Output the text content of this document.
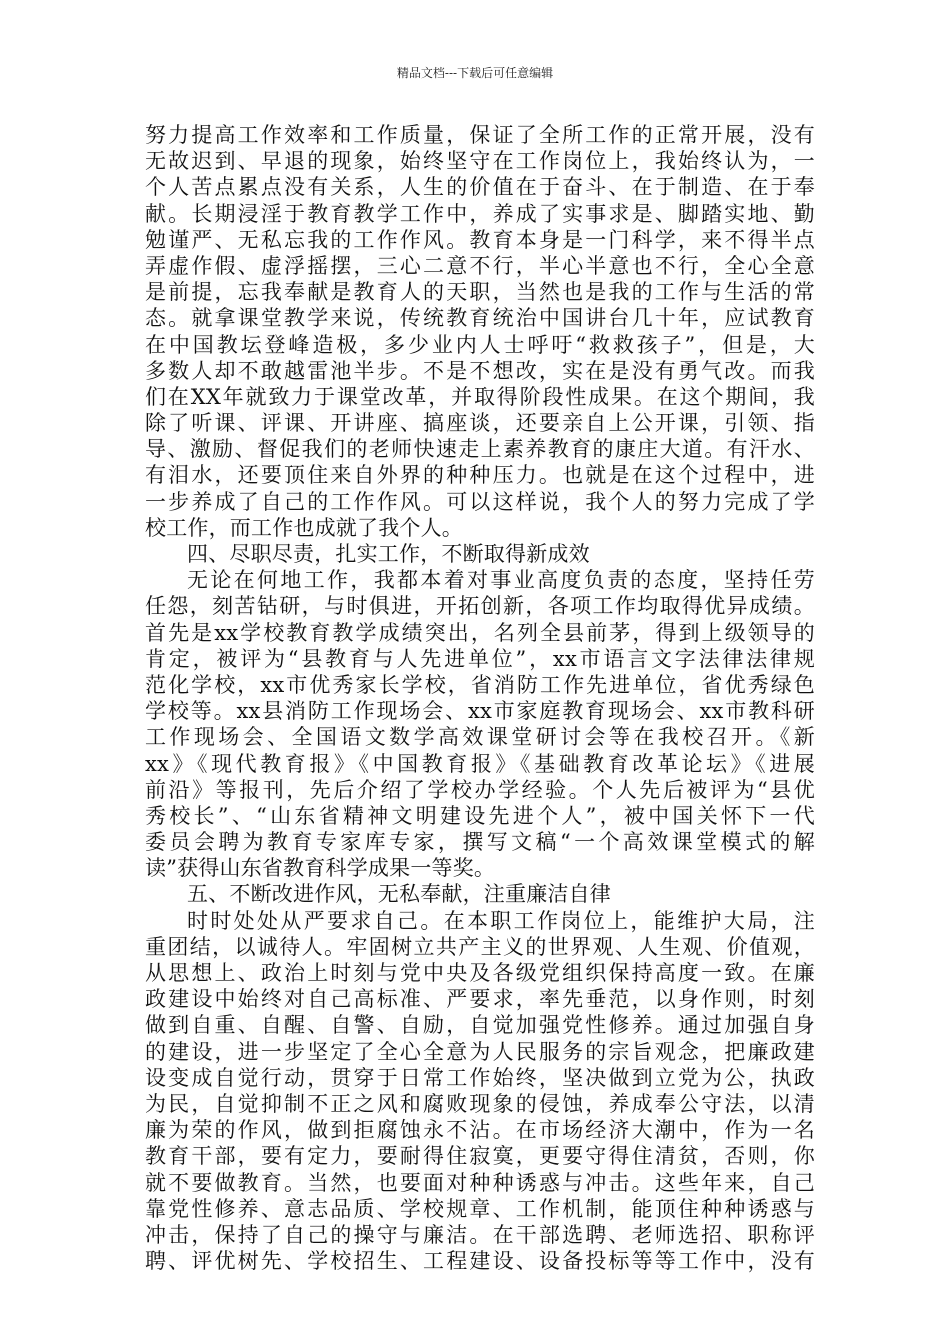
精品文档---下载后可任意编辑
努力提高工作效率和工作质量，保证了全所工作的正常开展，没有
无故迟到、早退的现象，始终坚守在工作岗位上，我始终认为，一
个人苦点累点没有关系，人生的价值在于奋斗、在于制造、在于奉
献。长期浸淫于教育教学工作中，养成了实事求是、脚踏实地、勤
勉谨严、无私忘我的工作作风。教育本身是一门科学，来不得半点
弄虚作假、虚浮摇摆，三心二意不行，半心半意也不行，全心全意
是前提，忘我奉献是教育人的天职，当然也是我的工作与生活的常
态。就拿课堂教学来说，传统教育统治中国讲台几十年，应试教育
在中国教坛登峰造极，多少业内人士呼吁“救救孩子”，但是，大
多数人却不敢越雷池半步。不是不想改，实在是没有勇气改。而我
们在XX年就致力于课堂改革，并取得阶段性成果。在这个期间，我
除了听课、评课、开讲座、搞座谈，还要亲自上公开课，引领、指
导、激励、督促我们的老师快速走上素养教育的康庄大道。有汗水、
有泪水，还要顶住来自外界的种种压力。也就是在这个过程中，进
一步养成了自己的工作作风。可以这样说，我个人的努力完成了学
校工作，而工作也成就了我个人。
四、尽职尽责，扎实工作，不断取得新成效
无论在何地工作，我都本着对事业高度负责的态度，坚持任劳
任怨，刻苦钻研，与时俱进，开拓创新，各项工作均取得优异成绩。
首先是xx学校教育教学成绩突出，名列全县前茅，得到上级领导的
肯定，被评为“县教育与人先进单位”，xx市语言文字法律法律规
范化学校，xx市优秀家长学校，省消防工作先进单位，省优秀绿色
学校等。xx县消防工作现场会、xx市家庭教育现场会、xx市教科研
工作现场会、全国语文数学高效课堂研讨会等在我校召开。《新
xx》《现代教育报》《中国教育报》《基础教育改革论坛》《进展
前沿》等报刊，先后介绍了学校办学经验。个人先后被评为“县优
秀校长”、“山东省精神文明建设先进个人”，被中国关怀下一代
委员会聘为教育专家库专家，撰写文稿“一个高效课堂模式的解
读”获得山东省教育科学成果一等奖。
五、不断改进作风，无私奉献，注重廉洁自律
时时处处从严要求自己。在本职工作岗位上，能维护大局，注
重团结，以诚待人。牢固树立共产主义的世界观、人生观、价值观，
从思想上、政治上时刻与党中央及各级党组织保持高度一致。在廉
政建设中始终对自己高标准、严要求，率先垂范，以身作则，时刻
做到自重、自醒、自警、自励，自觉加强党性修养。通过加强自身
的建设，进一步坚定了全心全意为人民服务的宗旨观念，把廉政建
设变成自觉行动，贯穿于日常工作始终，坚决做到立党为公，执政
为民，自觉抑制不正之风和腐败现象的侵蚀，养成奉公守法，以清
廉为荣的作风，做到拒腐蚀永不沾。在市场经济大潮中，作为一名
教育干部，要有定力，要耐得住寂寞，更要守得住清贫，否则，你
就不要做教育。当然，也要面对种种诱惑与冲击。这些年来，自己
靠党性修养、意志品质、学校规章、工作机制，能顶住种种诱惑与
冲击，保持了自己的操守与廉洁。在干部选聘、老师选招、职称评
聘、评优树先、学校招生、工程建设、设备投标等等工作中，没有
